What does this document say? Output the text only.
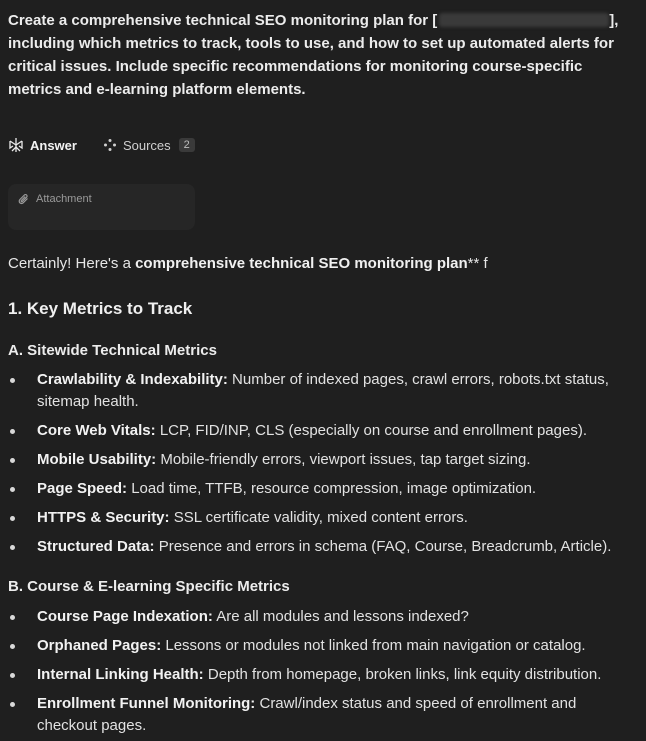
Create a comprehensive technical SEO monitoring plan for [	], including which metrics to track, tools to use, and how to set up automated alerts for critical issues. Include specific recommendations for monitoring course-specific metrics and e-learning platform elements.
Answer	Sources	2
Attachment
Certainly! Here's a comprehensive technical SEO monitoring plan** f
1. Key Metrics to Track
A. Sitewide Technical Metrics
Crawlability & Indexability: Number of indexed pages, crawl errors, robots.txt status, sitemap health.
Core Web Vitals: LCP, FID/INP, CLS (especially on course and enrollment pages).
Mobile Usability: Mobile-friendly errors, viewport issues, tap target sizing.
Page Speed: Load time, TTFB, resource compression, image optimization.
HTTPS & Security: SSL certificate validity, mixed content errors.
Structured Data: Presence and errors in schema (FAQ, Course, Breadcrumb, Article).
B. Course & E-learning Specific Metrics
Course Page Indexation: Are all modules and lessons indexed?
Orphaned Pages: Lessons or modules not linked from main navigation or catalog.
Internal Linking Health: Depth from homepage, broken links, link equity distribution.
Enrollment Funnel Monitoring: Crawl/index status and speed of enrollment and checkout pages.
